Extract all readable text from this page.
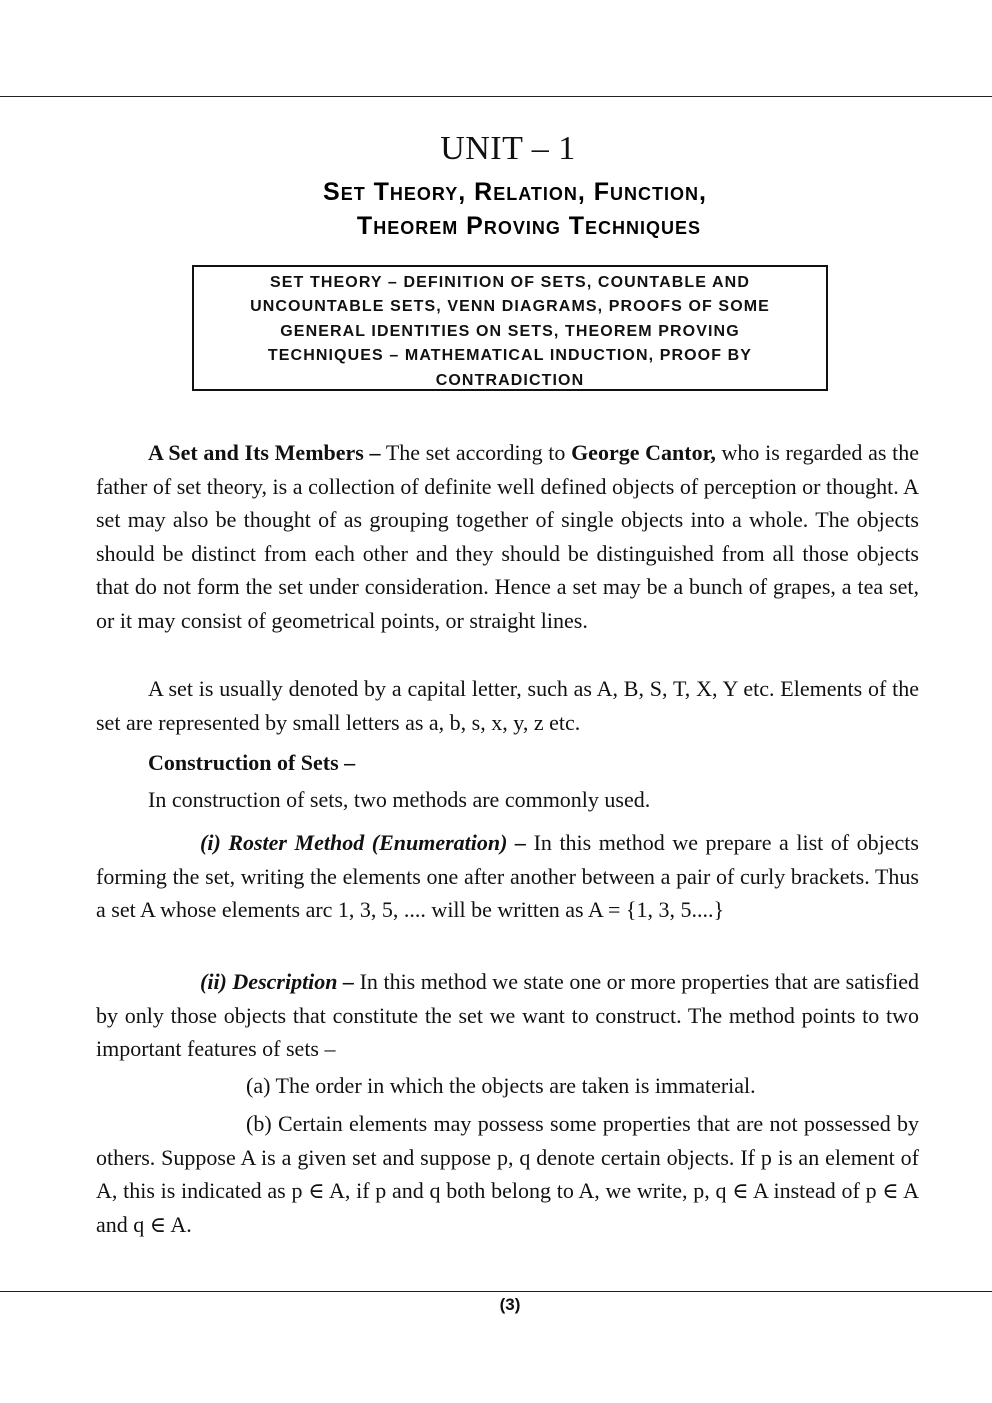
UNIT – 1
Set Theory, Relation, Function,
Theorem Proving Techniques
SET THEORY – DEFINITION OF SETS, COUNTABLE AND
UNCOUNTABLE SETS, VENN DIAGRAMS, PROOFS OF SOME
GENERAL IDENTITIES ON SETS, THEOREM PROVING
TECHNIQUES – MATHEMATICAL INDUCTION, PROOF BY
CONTRADICTION
A Set and Its Members – The set according to George Cantor, who is regarded as the father of set theory, is a collection of definite well defined objects of perception or thought. A set may also be thought of as grouping together of single objects into a whole. The objects should be distinct from each other and they should be distinguished from all those objects that do not form the set under consideration. Hence a set may be a bunch of grapes, a tea set, or it may consist of geometrical points, or straight lines.
A set is usually denoted by a capital letter, such as A, B, S, T, X, Y etc. Elements of the set are represented by small letters as a, b, s, x, y, z etc.
Construction of Sets –
In construction of sets, two methods are commonly used.
(i) Roster Method (Enumeration) – In this method we prepare a list of objects forming the set, writing the elements one after another between a pair of curly brackets. Thus a set A whose elements arc 1, 3, 5, .... will be written as A = {1, 3, 5....}
(ii) Description – In this method we state one or more properties that are satisfied by only those objects that constitute the set we want to construct. The method points to two important features of sets –
(a) The order in which the objects are taken is immaterial.
(b) Certain elements may possess some properties that are not possessed by others. Suppose A is a given set and suppose p, q denote certain objects. If p is an element of A, this is indicated as p ∈ A, if p and q both belong to A, we write, p, q ∈ A instead of p ∈ A and q ∈ A.
(3)
